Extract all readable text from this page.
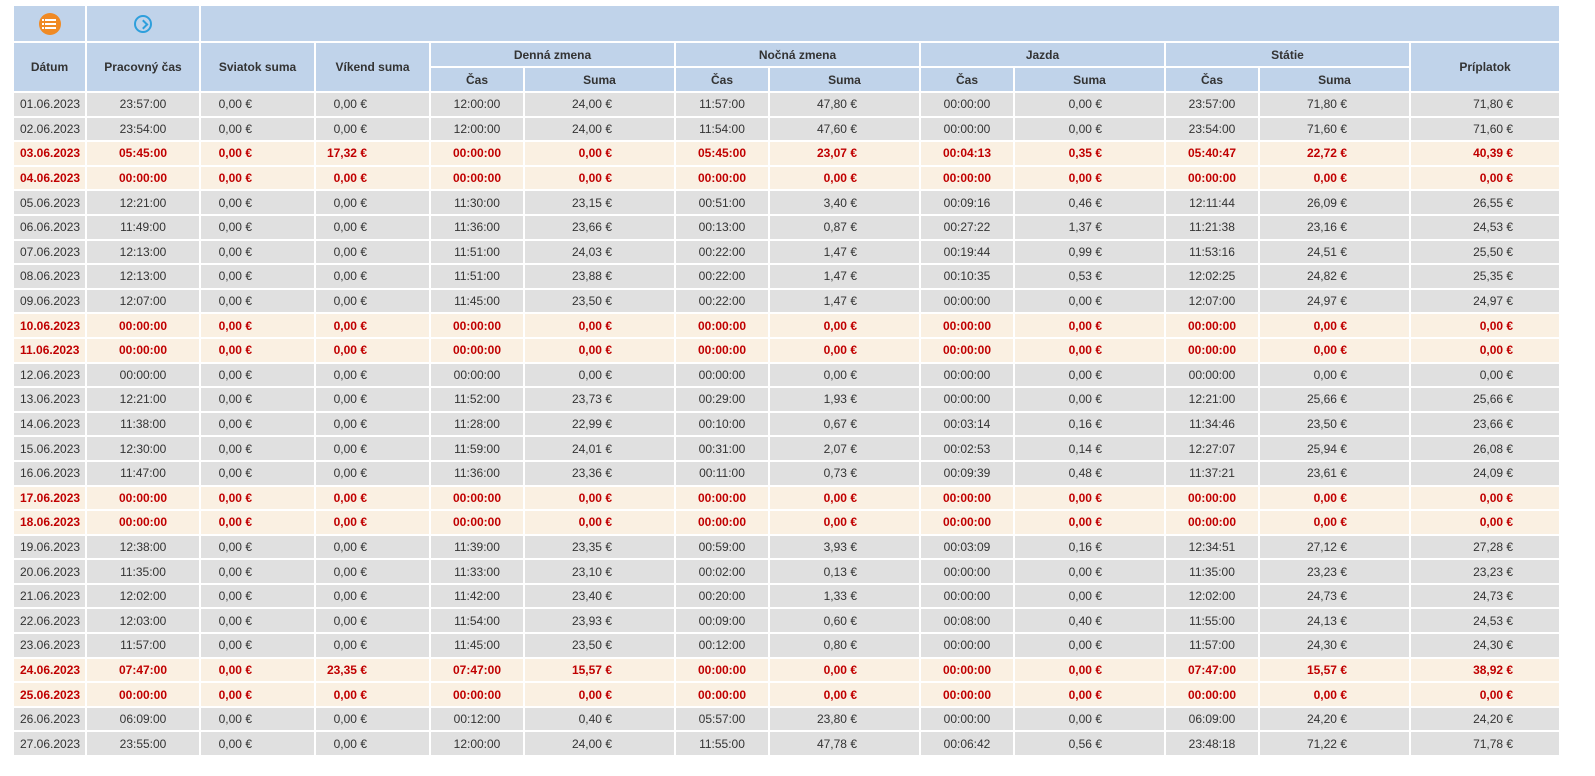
Dátum	Pracovný čas	Sviatok suma	Víkend suma	Denná zmena		Nočná zmena		Jazda		Státie		Príplatok
				Čas	Suma	Čas	Suma	Čas	Suma	Čas	Suma	
01.06.2023	23:57:00	0,00 €	0,00 €	12:00:00	24,00 €	11:57:00	47,80 €	00:00:00	0,00 €	23:57:00	71,80 €	71,80 €
02.06.2023	23:54:00	0,00 €	0,00 €	12:00:00	24,00 €	11:54:00	47,60 €	00:00:00	0,00 €	23:54:00	71,60 €	71,60 €
03.06.2023	05:45:00	0,00 €	17,32 €	00:00:00	0,00 €	05:45:00	23,07 €	00:04:13	0,35 €	05:40:47	22,72 €	40,39 €
04.06.2023	00:00:00	0,00 €	0,00 €	00:00:00	0,00 €	00:00:00	0,00 €	00:00:00	0,00 €	00:00:00	0,00 €	0,00 €
05.06.2023	12:21:00	0,00 €	0,00 €	11:30:00	23,15 €	00:51:00	3,40 €	00:09:16	0,46 €	12:11:44	26,09 €	26,55 €
06.06.2023	11:49:00	0,00 €	0,00 €	11:36:00	23,66 €	00:13:00	0,87 €	00:27:22	1,37 €	11:21:38	23,16 €	24,53 €
07.06.2023	12:13:00	0,00 €	0,00 €	11:51:00	24,03 €	00:22:00	1,47 €	00:19:44	0,99 €	11:53:16	24,51 €	25,50 €
08.06.2023	12:13:00	0,00 €	0,00 €	11:51:00	23,88 €	00:22:00	1,47 €	00:10:35	0,53 €	12:02:25	24,82 €	25,35 €
09.06.2023	12:07:00	0,00 €	0,00 €	11:45:00	23,50 €	00:22:00	1,47 €	00:00:00	0,00 €	12:07:00	24,97 €	24,97 €
10.06.2023	00:00:00	0,00 €	0,00 €	00:00:00	0,00 €	00:00:00	0,00 €	00:00:00	0,00 €	00:00:00	0,00 €	0,00 €
11.06.2023	00:00:00	0,00 €	0,00 €	00:00:00	0,00 €	00:00:00	0,00 €	00:00:00	0,00 €	00:00:00	0,00 €	0,00 €
12.06.2023	00:00:00	0,00 €	0,00 €	00:00:00	0,00 €	00:00:00	0,00 €	00:00:00	0,00 €	00:00:00	0,00 €	0,00 €
13.06.2023	12:21:00	0,00 €	0,00 €	11:52:00	23,73 €	00:29:00	1,93 €	00:00:00	0,00 €	12:21:00	25,66 €	25,66 €
14.06.2023	11:38:00	0,00 €	0,00 €	11:28:00	22,99 €	00:10:00	0,67 €	00:03:14	0,16 €	11:34:46	23,50 €	23,66 €
15.06.2023	12:30:00	0,00 €	0,00 €	11:59:00	24,01 €	00:31:00	2,07 €	00:02:53	0,14 €	12:27:07	25,94 €	26,08 €
16.06.2023	11:47:00	0,00 €	0,00 €	11:36:00	23,36 €	00:11:00	0,73 €	00:09:39	0,48 €	11:37:21	23,61 €	24,09 €
17.06.2023	00:00:00	0,00 €	0,00 €	00:00:00	0,00 €	00:00:00	0,00 €	00:00:00	0,00 €	00:00:00	0,00 €	0,00 €
18.06.2023	00:00:00	0,00 €	0,00 €	00:00:00	0,00 €	00:00:00	0,00 €	00:00:00	0,00 €	00:00:00	0,00 €	0,00 €
19.06.2023	12:38:00	0,00 €	0,00 €	11:39:00	23,35 €	00:59:00	3,93 €	00:03:09	0,16 €	12:34:51	27,12 €	27,28 €
20.06.2023	11:35:00	0,00 €	0,00 €	11:33:00	23,10 €	00:02:00	0,13 €	00:00:00	0,00 €	11:35:00	23,23 €	23,23 €
21.06.2023	12:02:00	0,00 €	0,00 €	11:42:00	23,40 €	00:20:00	1,33 €	00:00:00	0,00 €	12:02:00	24,73 €	24,73 €
22.06.2023	12:03:00	0,00 €	0,00 €	11:54:00	23,93 €	00:09:00	0,60 €	00:08:00	0,40 €	11:55:00	24,13 €	24,53 €
23.06.2023	11:57:00	0,00 €	0,00 €	11:45:00	23,50 €	00:12:00	0,80 €	00:00:00	0,00 €	11:57:00	24,30 €	24,30 €
24.06.2023	07:47:00	0,00 €	23,35 €	07:47:00	15,57 €	00:00:00	0,00 €	00:00:00	0,00 €	07:47:00	15,57 €	38,92 €
25.06.2023	00:00:00	0,00 €	0,00 €	00:00:00	0,00 €	00:00:00	0,00 €	00:00:00	0,00 €	00:00:00	0,00 €	0,00 €
26.06.2023	06:09:00	0,00 €	0,00 €	00:12:00	0,40 €	05:57:00	23,80 €	00:00:00	0,00 €	06:09:00	24,20 €	24,20 €
27.06.2023	23:55:00	0,00 €	0,00 €	12:00:00	24,00 €	11:55:00	47,78 €	00:06:42	0,56 €	23:48:18	71,22 €	71,78 €
